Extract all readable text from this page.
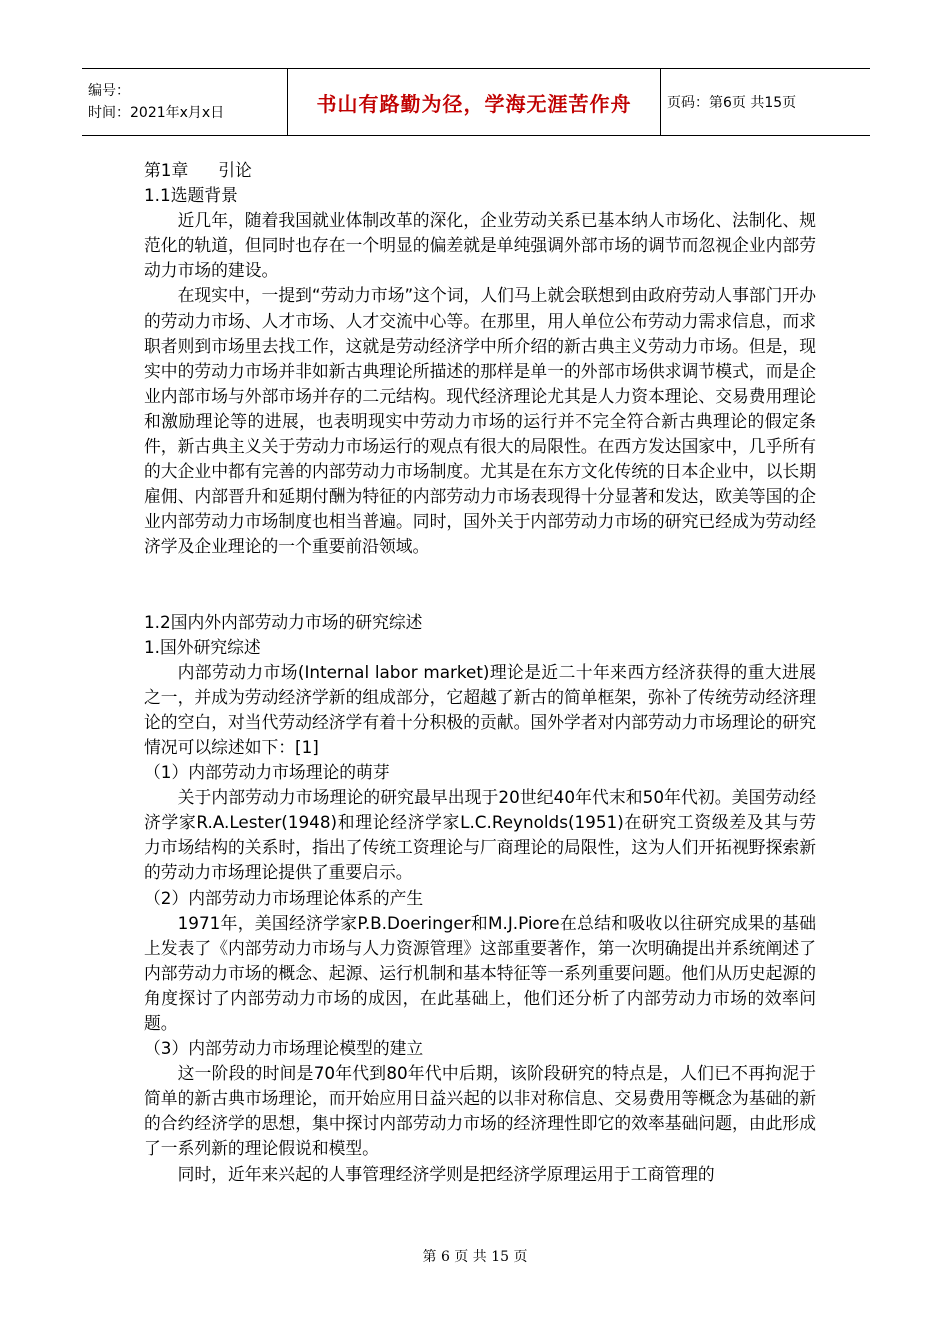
编号：
时间：2021年x月x日	书山有路勤为径，学海无涯苦作舟	页码：第6页 共15页

第1章 引论

1.1选题背景

近几年，随着我国就业体制改革的深化，企业劳动关系已基本纳人市场化、法制化、规范化的轨道，但同时也存在一个明显的偏差就是单纯强调外部市场的调节而忽视企业内部劳动力市场的建设。

在现实中，一提到“劳动力市场”这个词，人们马上就会联想到由政府劳动人事部门开办的劳动力市场、人才市场、人才交流中心等。在那里，用人单位公布劳动力需求信息，而求职者则到市场里去找工作，这就是劳动经济学中所介绍的新古典主义劳动力市场。但是，现实中的劳动力市场并非如新古典理论所描述的那样是单一的外部市场供求调节模式，而是企业内部市场与外部市场并存的二元结构。现代经济理论尤其是人力资本理论、交易费用理论和激励理论等的进展，也表明现实中劳动力市场的运行并不完全符合新古典理论的假定条件，新古典主义关于劳动力市场运行的观点有很大的局限性。在西方发达国家中，几乎所有的大企业中都有完善的内部劳动力市场制度。尤其是在东方文化传统的日本企业中，以长期雇佣、内部晋升和延期付酬为特征的内部劳动力市场表现得十分显著和发达，欧美等国的企业内部劳动力市场制度也相当普遍。同时，国外关于内部劳动力市场的研究已经成为劳动经济学及企业理论的一个重要前沿领域。

1.2国内外内部劳动力市场的研究综述

1.国外研究综述

内部劳动力市场(Internal labor market)理论是近二十年来西方经济获得的重大进展之一，并成为劳动经济学新的组成部分，它超越了新古的简单框架，弥补了传统劳动经济理论的空白，对当代劳动经济学有着十分积极的贡献。国外学者对内部劳动力市场理论的研究情况可以综述如下：[1]

（1）内部劳动力市场理论的萌芽

关于内部劳动力市场理论的研究最早出现于20世纪40年代末和50年代初。美国劳动经济学家R.A.Lester(1948)和理论经济学家L.C.Reynolds(1951)在研究工资级差及其与劳力市场结构的关系时，指出了传统工资理论与厂商理论的局限性，这为人们开拓视野探索新的劳动力市场理论提供了重要启示。

（2）内部劳动力市场理论体系的产生

1971年，美国经济学家P.B.Doeringer和M.J.Piore在总结和吸收以往研究成果的基础上发表了《内部劳动力市场与人力资源管理》这部重要著作，第一次明确提出并系统阐述了内部劳动力市场的概念、起源、运行机制和基本特征等一系列重要问题。他们从历史起源的角度探讨了内部劳动力市场的成因，在此基础上，他们还分析了内部劳动力市场的效率问题。

（3）内部劳动力市场理论模型的建立

这一阶段的时间是70年代到80年代中后期，该阶段研究的特点是，人们已不再拘泥于简单的新古典市场理论，而开始应用日益兴起的以非对称信息、交易费用等概念为基础的新的合约经济学的思想，集中探讨内部劳动力市场的经济理性即它的效率基础问题，由此形成了一系列新的理论假说和模型。

同时，近年来兴起的人事管理经济学则是把经济学原理运用于工商管理的

第 6 页 共 15 页
